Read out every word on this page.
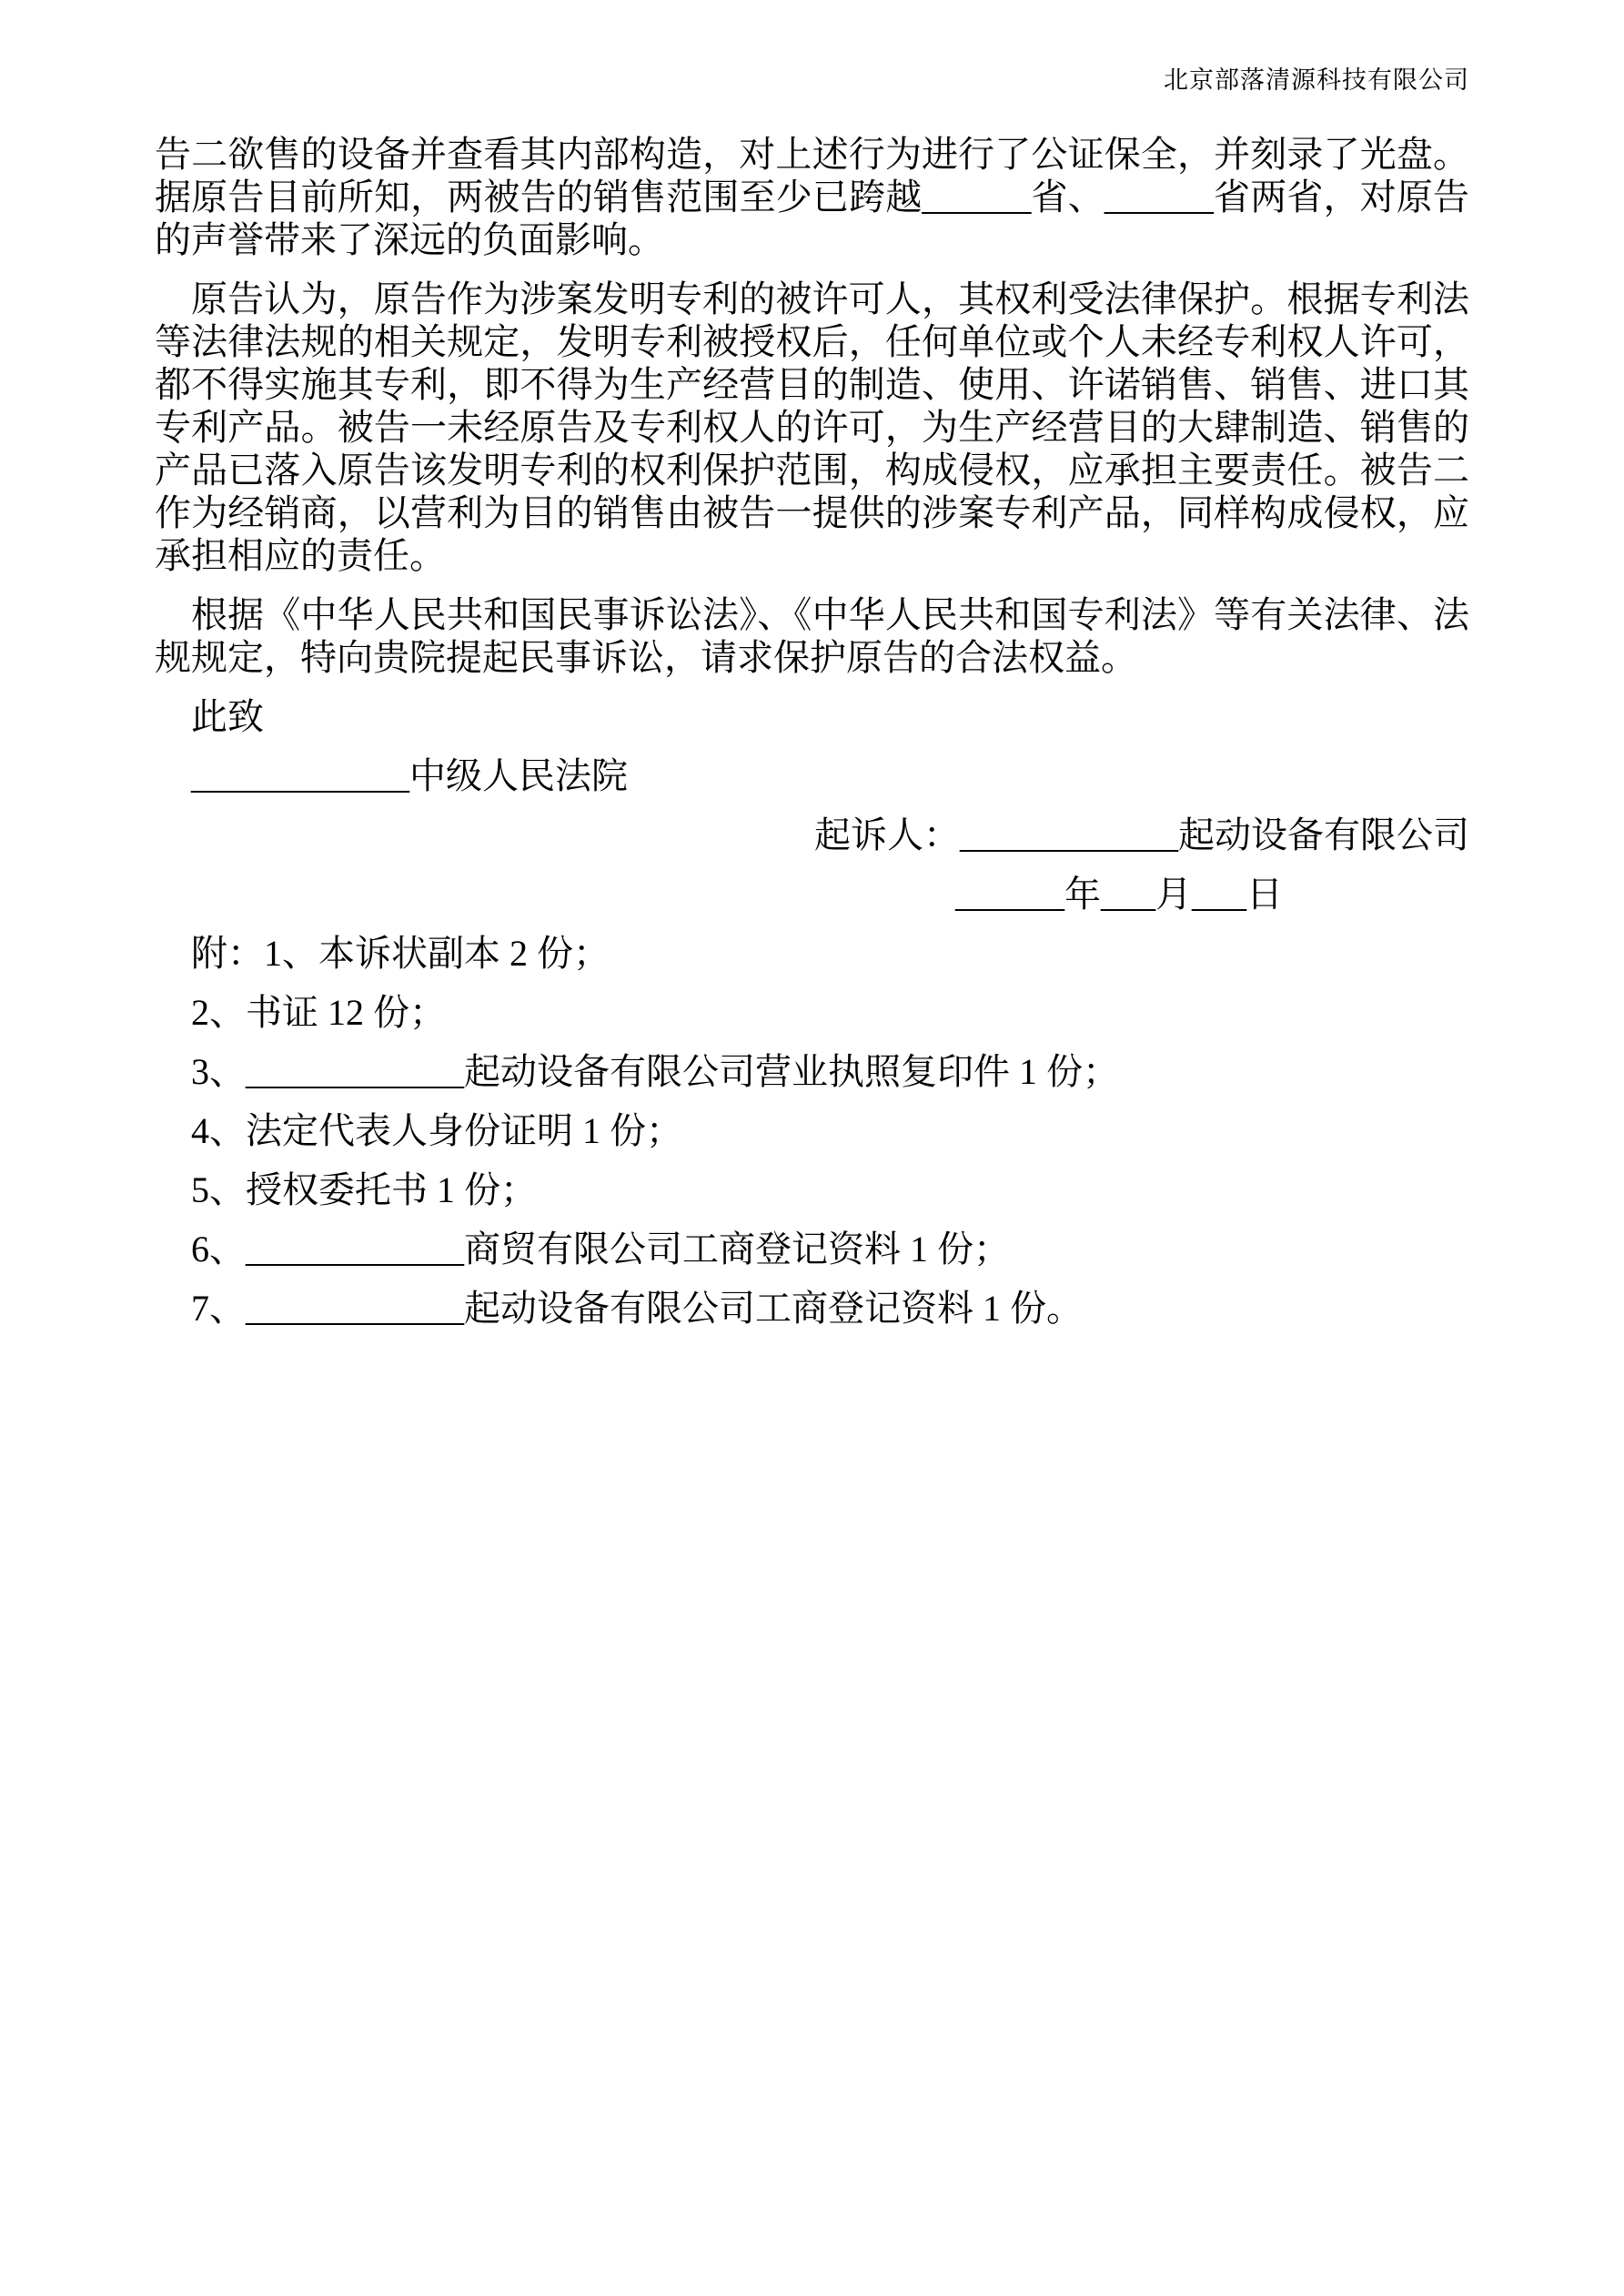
北京部落清源科技有限公司

告二欲售的设备并查看其内部构造，对上述行为进行了公证保全，并刻录了光盘。据原告目前所知，两被告的销售范围至少已跨越______省、______省两省，对原告的声誉带来了深远的负面影响。

原告认为，原告作为涉案发明专利的被许可人，其权利受法律保护。根据专利法等法律法规的相关规定，发明专利被授权后，任何单位或个人未经专利权人许可，都不得实施其专利，即不得为生产经营目的制造、使用、许诺销售、销售、进口其专利产品。被告一未经原告及专利权人的许可，为生产经营目的大肆制造、销售的产品已落入原告该发明专利的权利保护范围，构成侵权，应承担主要责任。被告二作为经销商，以营利为目的销售由被告一提供的涉案专利产品，同样构成侵权，应承担相应的责任。

根据《中华人民共和国民事诉讼法》、《中华人民共和国专利法》等有关法律、法规规定，特向贵院提起民事诉讼，请求保护原告的合法权益。

此致

____________中级人民法院

起诉人：____________起动设备有限公司

______年___月___日

附：1、本诉状副本 2 份；

2、书证 12 份；

3、____________起动设备有限公司营业执照复印件 1 份；

4、法定代表人身份证明 1 份；

5、授权委托书 1 份；

6、____________商贸有限公司工商登记资料 1 份；

7、____________起动设备有限公司工商登记资料 1 份。
